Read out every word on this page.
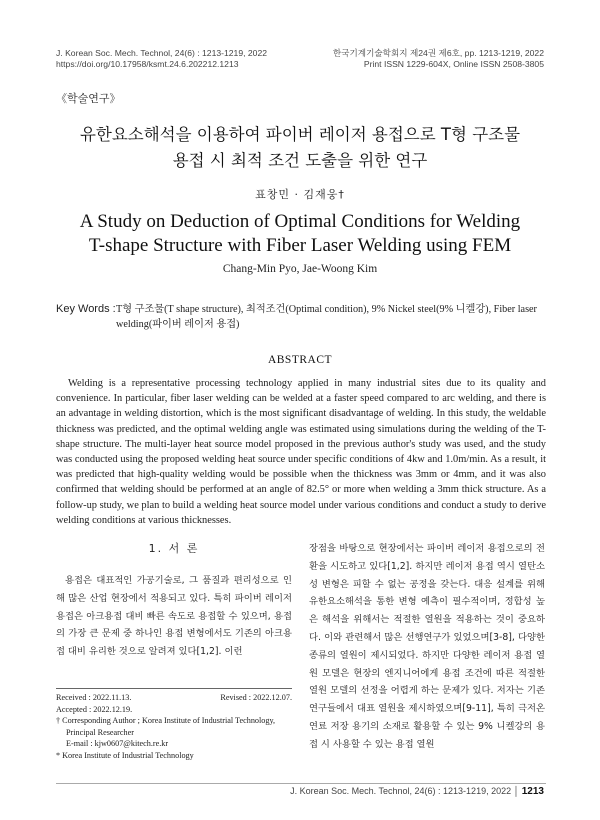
J. Korean Soc. Mech. Technol, 24(6) : 1213-1219, 2022
https://doi.org/10.17958/ksmt.24.6.202212.1213
한국기계기술학회지 제24권 제6호, pp. 1213-1219, 2022
Print ISSN 1229-604X, Online ISSN 2508-3805
《학술연구》
유한요소해석을 이용하여 파이버 레이저 용접으로 T형 구조물
용접 시 최적 조건 도출을 위한 연구
표창민 · 김재웅†
A Study on Deduction of Optimal Conditions for Welding
T-shape Structure with Fiber Laser Welding using FEM
Chang-Min Pyo, Jae-Woong Kim
Key Words : T형 구조물(T shape structure), 최적조건(Optimal condition), 9% Nickel steel(9% 니켈강), Fiber laser welding(파이버 레이저 용접)
ABSTRACT
Welding is a representative processing technology applied in many industrial sites due to its quality and convenience. In particular, fiber laser welding can be welded at a faster speed compared to arc welding, and there is an advantage in welding distortion, which is the most significant disadvantage of welding. In this study, the weldable thickness was predicted, and the optimal welding angle was estimated using simulations during the welding of the T-shape structure. The multi-layer heat source model proposed in the previous author's study was used, and the study was conducted using the proposed welding heat source under specific conditions of 4kw and 1.0m/min. As a result, it was predicted that high-quality welding would be possible when the thickness was 3mm or 4mm, and it was also confirmed that welding should be performed at an angle of 82.5° or more when welding a 3mm thick structure. As a follow-up study, we plan to build a welding heat source model under various conditions and conduct a study to derive welding conditions at various thicknesses.
1. 서 론
용접은 대표적인 가공기술로, 그 품질과 편리성으로 인해 많은 산업 현장에서 적용되고 있다. 특히 파이버 레이저 용접은 아크용접 대비 빠른 속도로 용접할 수 있으며, 용접의 가장 큰 문제 중 하나인 용접 변형에서도 기존의 아크용접 대비 유리한 것으로 알려져 있다[1,2]. 이런
장점을 바탕으로 현장에서는 파이버 레이저 용접으로의 전환을 시도하고 있다[1,2]. 하지만 레이저 용접 역시 열탄소성 변형은 피할 수 없는 공정을 갖는다. 대응 설계를 위해 유한요소해석을 통한 변형 예측이 필수적이며, 정합성 높은 해석을 위해서는 적절한 열원을 적용하는 것이 중요하다. 이와 관련해서 많은 선행연구가 있었으며[3-8], 다양한 종류의 열원이 제시되었다. 하지만 다양한 레이저 용접 열원 모델은 현장의 엔지니어에게 용접 조건에 따른 적절한 열원 모델의 선정을 어렵게 하는 문제가 있다. 저자는 기존 연구들에서 대표 열원을 제시하였으며[9-11], 특히 극저온 연료 저장 용기의 소재로 활용할 수 있는 9% 니켈강의 용접 시 사용할 수 있는 용접 열원
Received : 2022.11.13.	Revised : 2022.12.07.
Accepted : 2022.12.19.
† Corresponding Author ; Korea Institute of Industrial Technology,
Principal Researcher
E-mail : kjw0607@kitech.re.kr
* Korea Institute of Industrial Technology
J. Korean Soc. Mech. Technol, 24(6) : 1213-1219, 2022 │ 1213
